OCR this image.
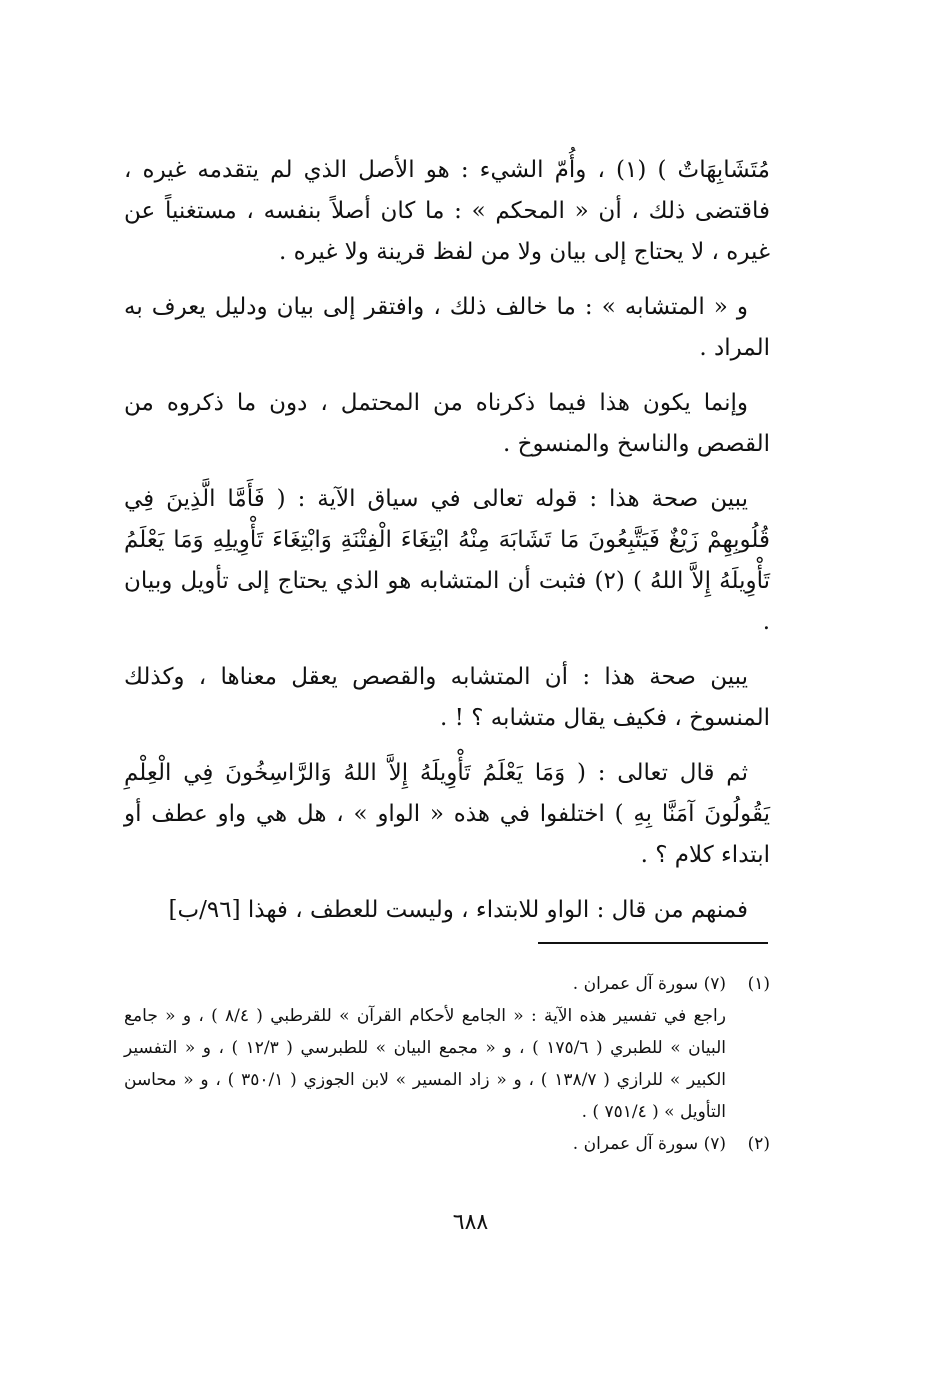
مُتَشَابِهَاتٌ ) (١) ، وأُمّ الشيء : هو الأصل الذي لم يتقدمه غيره ، فاقتضى ذلك ، أن « المحكم » : ما كان أصلاً بنفسه ، مستغنياً عن غيره ، لا يحتاج إلى بيان ولا من لفظ قرينة ولا غيره .

و « المتشابه » : ما خالف ذلك ، وافتقر إلى بيان ودليل يعرف به المراد .

وإنما يكون هذا فيما ذكرناه من المحتمل ، دون ما ذكروه من القصص والناسخ والمنسوخ .

يبين صحة هذا : قوله تعالى في سياق الآية : ( فَأَمَّا الَّذِينَ فِي قُلُوبِهِمْ زَيْغٌ فَيَتَّبِعُونَ مَا تَشَابَهَ مِنْهُ ابْتِغَاءَ الْفِتْنَةِ وَابْتِغَاءَ تَأْوِيلِهِ وَمَا يَعْلَمُ تَأْوِيلَهُ إِلاَّ اللهُ ) (٢) فثبت أن المتشابه هو الذي يحتاج إلى تأويل وبيان .

يبين صحة هذا : أن المتشابه والقصص يعقل معناها ، وكذلك المنسوخ ، فكيف يقال متشابه ؟ ! .

ثم قال تعالى : ( وَمَا يَعْلَمُ تَأْوِيلَهُ إِلاَّ اللهُ وَالرَّاسِخُونَ فِي الْعِلْمِ يَقُولُونَ آمَنَّا بِهِ ) اختلفوا في هذه « الواو » ، هل هي واو عطف أو ابتداء كلام ؟ .

فمنهم من قال : الواو للابتداء ، وليست للعطف ، فهذا [٩٦/ب]

(١)
(٧) سورة آل عمران .
راجع في تفسير هذه الآية : « الجامع لأحكام القرآن » للقرطبي ( ٨/٤ ) ، و « جامع البيان » للطبري ( ١٧٥/٦ ) ، و « مجمع البيان » للطبرسي ( ١٢/٣ ) ، و « التفسير الكبير » للرازي ( ١٣٨/٧ ) ، و « زاد المسير » لابن الجوزي ( ٣٥٠/١ ) ، و « محاسن التأويل » ( ٧٥١/٤ ) .
(٢)
(٧) سورة آل عمران .
٦٨٨
